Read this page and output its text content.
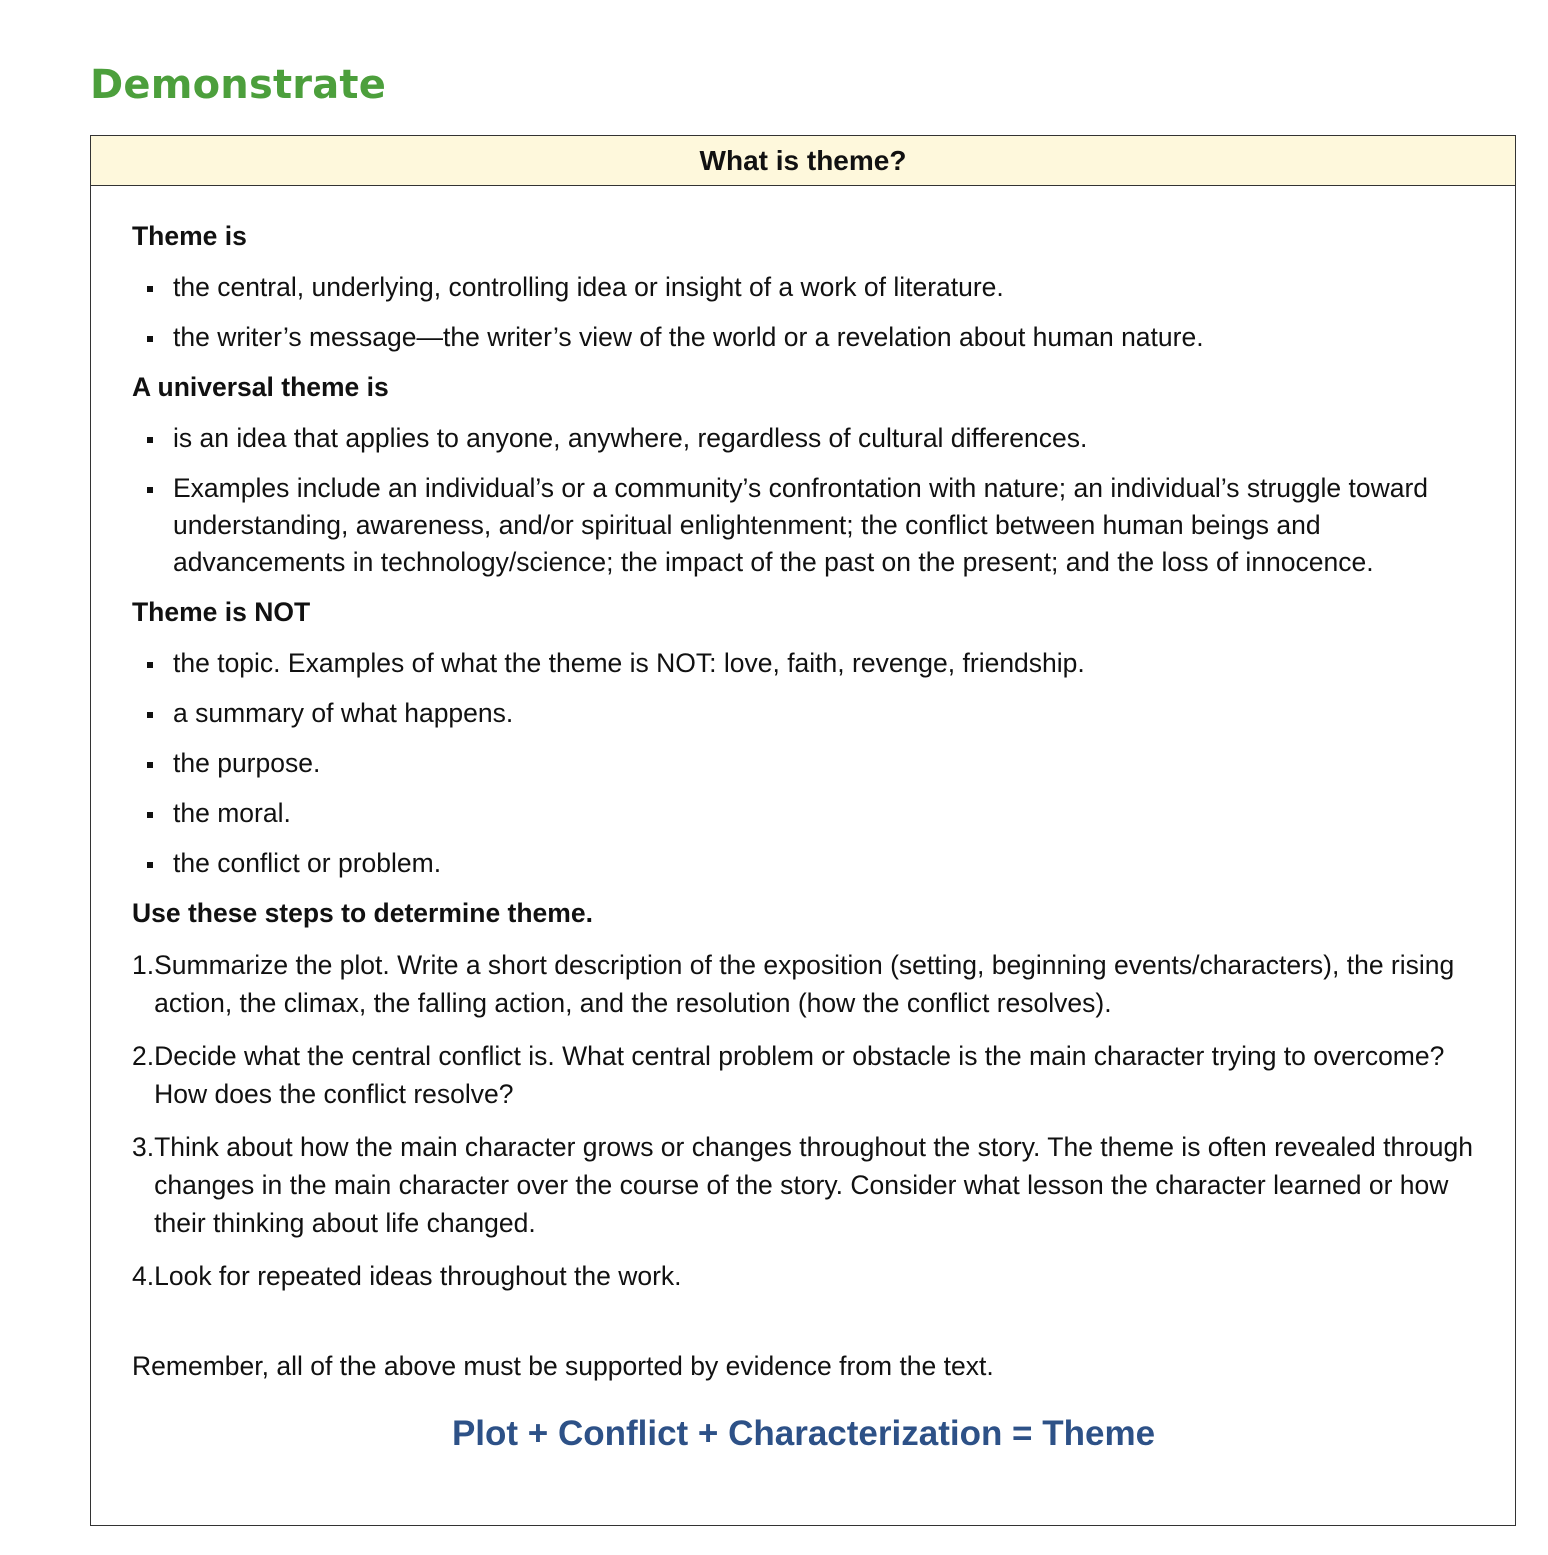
Demonstrate
What is theme?
Theme is
the central, underlying, controlling idea or insight of a work of literature.
the writer’s message—the writer’s view of the world or a revelation about human nature.
A universal theme is
is an idea that applies to anyone, anywhere, regardless of cultural differences.
Examples include an individual’s or a community’s confrontation with nature; an individual’s struggle toward understanding, awareness, and/or spiritual enlightenment; the conflict between human beings and advancements in technology/science; the impact of the past on the present; and the loss of innocence.
Theme is NOT
the topic. Examples of what the theme is NOT: love, faith, revenge, friendship.
a summary of what happens.
the purpose.
the moral.
the conflict or problem.
Use these steps to determine theme.
1. Summarize the plot. Write a short description of the exposition (setting, beginning events/characters), the rising action, the climax, the falling action, and the resolution (how the conflict resolves).
2. Decide what the central conflict is. What central problem or obstacle is the main character trying to overcome? How does the conflict resolve?
3. Think about how the main character grows or changes throughout the story. The theme is often revealed through changes in the main character over the course of the story. Consider what lesson the character learned or how their thinking about life changed.
4. Look for repeated ideas throughout the work.
Remember, all of the above must be supported by evidence from the text.
Plot + Conflict + Characterization = Theme
